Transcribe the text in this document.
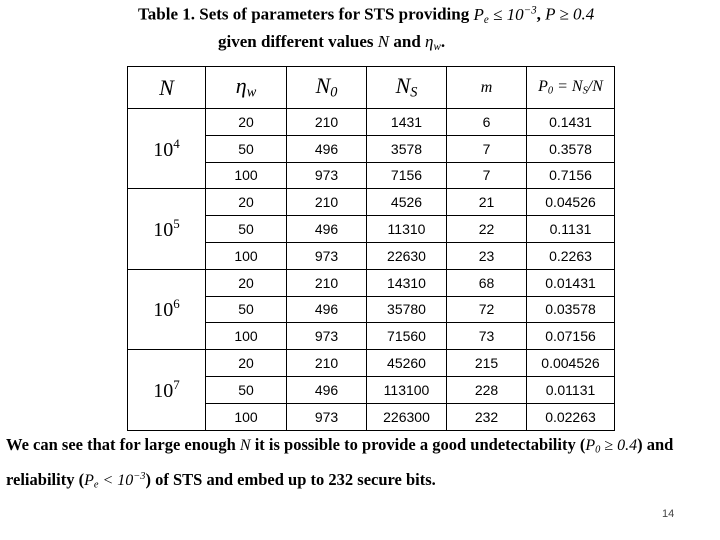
Table 1. Sets of parameters for STS providing $P_e \le 10^{-3}$, P ≥ 0.4
given different values N and $\eta_w$.
N	$\eta_w$	$N_0$	$N_S$	m	$P_0 = N_S/N$
$10^4$	20	210	1431	6	0.1431
	50	496	3578	7	0.3578
	100	973	7156	7	0.7156
$10^5$	20	210	4526	21	0.04526
	50	496	11310	22	0.1131
	100	973	22630	23	0.2263
$10^6$	20	210	14310	68	0.01431
	50	496	35780	72	0.03578
	100	973	71560	73	0.07156
$10^7$	20	210	45260	215	0.004526
	50	496	113100	228	0.01131
	100	973	226300	232	0.02263
We can see that for large enough N it is possible to provide a good undetectability $(P_0 \ge 0.4)$ and reliability $(P_e < 10^{-3})$ of STS and embed up to 232 secure bits.
14
